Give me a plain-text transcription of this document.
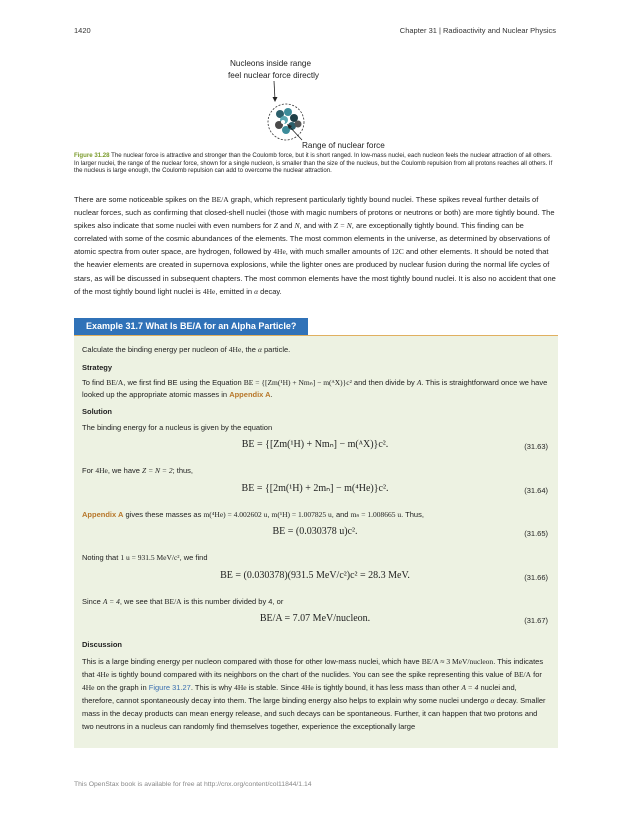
1420	Chapter 31 | Radioactivity and Nuclear Physics
Nucleons inside range
feel nuclear force directly
Range of nuclear force
Figure 31.28 The nuclear force is attractive and stronger than the Coulomb force, but it is short ranged. In low-mass nuclei, each nucleon feels the nuclear attraction of all others. In larger nuclei, the range of the nuclear force, shown for a single nucleon, is smaller than the size of the nucleus, but the Coulomb repulsion from all protons reaches all others. If the nucleus is large enough, the Coulomb repulsion can add to overcome the nuclear attraction.
There are some noticeable spikes on the BE/A graph, which represent particularly tightly bound nuclei. These spikes reveal further details of nuclear forces, such as confirming that closed-shell nuclei (those with magic numbers of protons or neutrons or both) are more tightly bound. The spikes also indicate that some nuclei with even numbers for Z and N, and with Z = N, are exceptionally tightly bound. This finding can be correlated with some of the cosmic abundances of the elements. The most common elements in the universe, as determined by observations of atomic spectra from outer space, are hydrogen, followed by 4He, with much smaller amounts of 12C and other elements. It should be noted that the heavier elements are created in supernova explosions, while the lighter ones are produced by nuclear fusion during the normal life cycles of stars, as will be discussed in subsequent chapters. The most common elements have the most tightly bound nuclei. It is also no accident that one of the most tightly bound light nuclei is 4He, emitted in α decay.
Example 31.7 What Is BE/A for an Alpha Particle?

Calculate the binding energy per nucleon of 4He, the α particle.

Strategy

To find BE/A, we first find BE using the Equation BE = {[Zm(¹H) + Nmₙ] − m(ᴬX)}c² and then divide by A. This is straightforward once we have looked up the appropriate atomic masses in Appendix A.

Solution

The binding energy for a nucleus is given by the equation

BE = {[Zm(¹H) + Nmₙ] − m(ᴬX)}c².	(31.63)

For 4He, we have Z = N = 2; thus,

BE = {[2m(¹H) + 2mₙ] − m(⁴He)}c².	(31.64)

Appendix A gives these masses as m(⁴He) = 4.002602 u, m(¹H) = 1.007825 u, and mₙ = 1.008665 u. Thus,

BE = (0.030378 u)c².	(31.65)

Noting that 1 u = 931.5 MeV/c², we find

BE = (0.030378)(931.5 MeV/c²)c² = 28.3 MeV.	(31.66)

Since A = 4, we see that BE/A is this number divided by 4, or

BE/A = 7.07 MeV/nucleon.	(31.67)
Discussion

This is a large binding energy per nucleon compared with those for other low-mass nuclei, which have BE/A ≈ 3 MeV/nucleon. This indicates that 4He is tightly bound compared with its neighbors on the chart of the nuclides. You can see the spike representing this value of BE/A for 4He on the graph in Figure 31.27. This is why 4He is stable. Since 4He is tightly bound, it has less mass than other A = 4 nuclei and, therefore, cannot spontaneously decay into them. The large binding energy also helps to explain why some nuclei undergo α decay. Smaller mass in the decay products can mean energy release, and such decays can be spontaneous. Further, it can happen that two protons and two neutrons in a nucleus can randomly find themselves together, experience the exceptionally large

This OpenStax book is available for free at http://cnx.org/content/col11844/1.14
